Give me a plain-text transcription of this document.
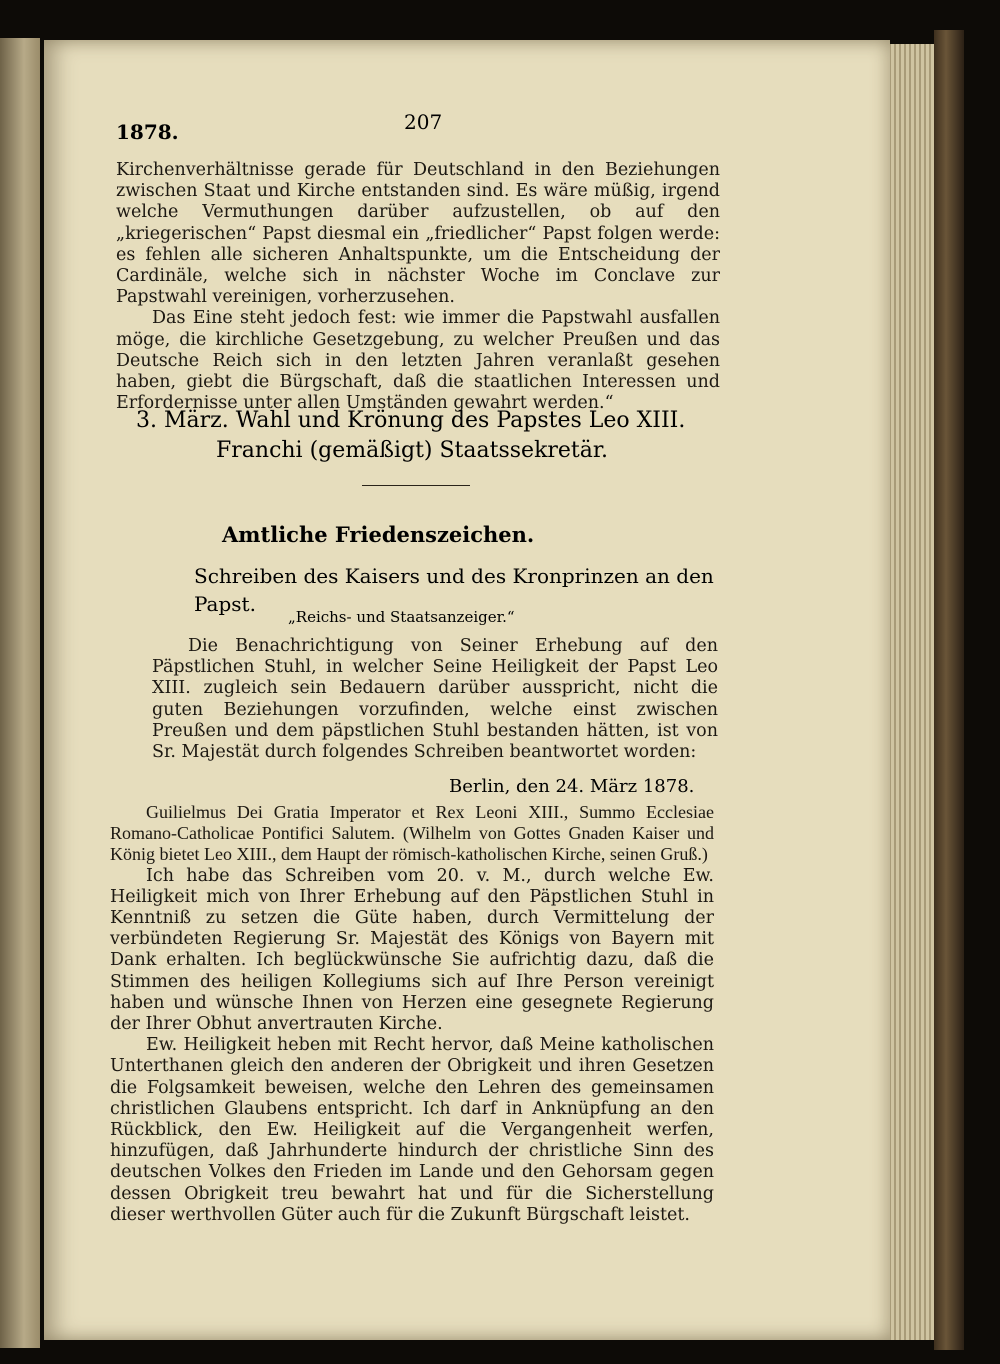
1878.	207

Kirchenverhältnisse gerade für Deutschland in den Beziehungen zwischen Staat und Kirche entstanden sind. Es wäre müßig, irgend welche Vermuthungen darüber aufzustellen, ob auf den „kriegerischen“ Papst diesmal ein „friedlicher“ Papst folgen werde: es fehlen alle sicheren Anhaltspunkte, um die Entscheidung der Cardinäle, welche sich in nächster Woche im Conclave zur Papstwahl vereinigen, vorherzusehen.

Das Eine steht jedoch fest: wie immer die Papstwahl ausfallen möge, die kirchliche Gesetzgebung, zu welcher Preußen und das Deutsche Reich sich in den letzten Jahren veranlaßt gesehen haben, giebt die Bürgschaft, daß die staatlichen Interessen und Erfordernisse unter allen Umständen gewahrt werden.“

3. März. Wahl und Krönung des Papstes Leo XIII.
Franchi (gemäßigt) Staatssekretär.
Amtliche Friedenszeichen.
Schreiben des Kaisers und des Kronprinzen an den Papst.
„Reichs- und Staatsanzeiger.“

Die Benachrichtigung von Seiner Erhebung auf den Päpstlichen Stuhl, in welcher Seine Heiligkeit der Papst Leo XIII. zugleich sein Bedauern darüber ausspricht, nicht die guten Beziehungen vorzufinden, welche einst zwischen Preußen und dem päpstlichen Stuhl bestanden hätten, ist von Sr. Majestät durch folgendes Schreiben beantwortet worden:

Berlin, den 24. März 1878.

Guilielmus Dei Gratia Imperator et Rex Leoni XIII., Summo Ecclesiae Romano-Catholicae Pontifici Salutem. (Wilhelm von Gottes Gnaden Kaiser und König bietet Leo XIII., dem Haupt der römisch-katholischen Kirche, seinen Gruß.)

Ich habe das Schreiben vom 20. v. M., durch welche Ew. Heiligkeit mich von Ihrer Erhebung auf den Päpstlichen Stuhl in Kenntniß zu setzen die Güte haben, durch Vermittelung der verbündeten Regierung Sr. Majestät des Königs von Bayern mit Dank erhalten. Ich beglückwünsche Sie aufrichtig dazu, daß die Stimmen des heiligen Kollegiums sich auf Ihre Person vereinigt haben und wünsche Ihnen von Herzen eine gesegnete Regierung der Ihrer Obhut anvertrauten Kirche.

Ew. Heiligkeit heben mit Recht hervor, daß Meine katholischen Unterthanen gleich den anderen der Obrigkeit und ihren Gesetzen die Folgsamkeit beweisen, welche den Lehren des gemeinsamen christlichen Glaubens entspricht. Ich darf in Anknüpfung an den Rückblick, den Ew. Heiligkeit auf die Vergangenheit werfen, hinzufügen, daß Jahrhunderte hindurch der christliche Sinn des deutschen Volkes den Frieden im Lande und den Gehorsam gegen dessen Obrigkeit treu bewahrt hat und für die Sicherstellung dieser werthvollen Güter auch für die Zukunft Bürgschaft leistet.
